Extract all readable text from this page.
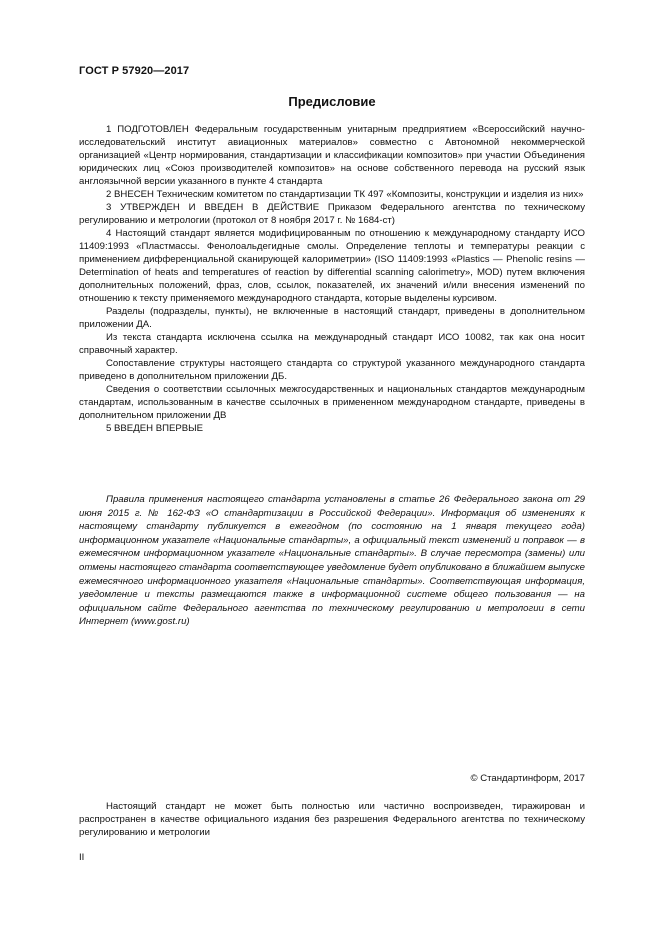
ГОСТ Р 57920—2017
Предисловие

1 ПОДГОТОВЛЕН Федеральным государственным унитарным предприятием «Всероссийский научно-исследовательский институт авиационных материалов» совместно с Автономной некоммерческой организацией «Центр нормирования, стандартизации и классификации композитов» при участии Объединения юридических лиц «Союз производителей композитов» на основе собственного перевода на русский язык англоязычной версии указанного в пункте 4 стандарта

2 ВНЕСЕН Техническим комитетом по стандартизации ТК 497 «Композиты, конструкции и изделия из них»

3 УТВЕРЖДЕН И ВВЕДЕН В ДЕЙСТВИЕ Приказом Федерального агентства по техническому регулированию и метрологии (протокол от 8 ноября 2017 г. № 1684-ст)

4 Настоящий стандарт является модифицированным по отношению к международному стандарту ИСО 11409:1993 «Пластмассы. Фенолоальдегидные смолы. Определение теплоты и температуры реакции с применением дифференциальной сканирующей калориметрии» (ISO 11409:1993 «Plastics — Phenolic resins — Determination of heats and temperatures of reaction by differential scanning calorimetry», MOD) путем включения дополнительных положений, фраз, слов, ссылок, показателей, их значений и/или внесения изменений по отношению к тексту применяемого международного стандарта, которые выделены курсивом.

Разделы (подразделы, пункты), не включенные в настоящий стандарт, приведены в дополнительном приложении ДА.

Из текста стандарта исключена ссылка на международный стандарт ИСО 10082, так как она носит справочный характер.

Сопоставление структуры настоящего стандарта со структурой указанного международного стандарта приведено в дополнительном приложении ДБ.

Сведения о соответствии ссылочных межгосударственных и национальных стандартов международным стандартам, использованным в качестве ссылочных в примененном международном стандарте, приведены в дополнительном приложении ДВ

5 ВВЕДЕН ВПЕРВЫЕ

Правила применения настоящего стандарта установлены в статье 26 Федерального закона от 29 июня 2015 г. № 162-ФЗ «О стандартизации в Российской Федерации». Информация об изменениях к настоящему стандарту публикуется в ежегодном (по состоянию на 1 января текущего года) информационном указателе «Национальные стандарты», а официальный текст изменений и поправок — в ежемесячном информационном указателе «Национальные стандарты». В случае пересмотра (замены) или отмены настоящего стандарта соответствующее уведомление будет опубликовано в ближайшем выпуске ежемесячного информационного указателя «Национальные стандарты». Соответствующая информация, уведомление и тексты размещаются также в информационной системе общего пользования — на официальном сайте Федерального агентства по техническому регулированию и метрологии в сети Интернет (www.gost.ru)

© Стандартинформ, 2017

Настоящий стандарт не может быть полностью или частично воспроизведен, тиражирован и распространен в качестве официального издания без разрешения Федерального агентства по техническому регулированию и метрологии

II
